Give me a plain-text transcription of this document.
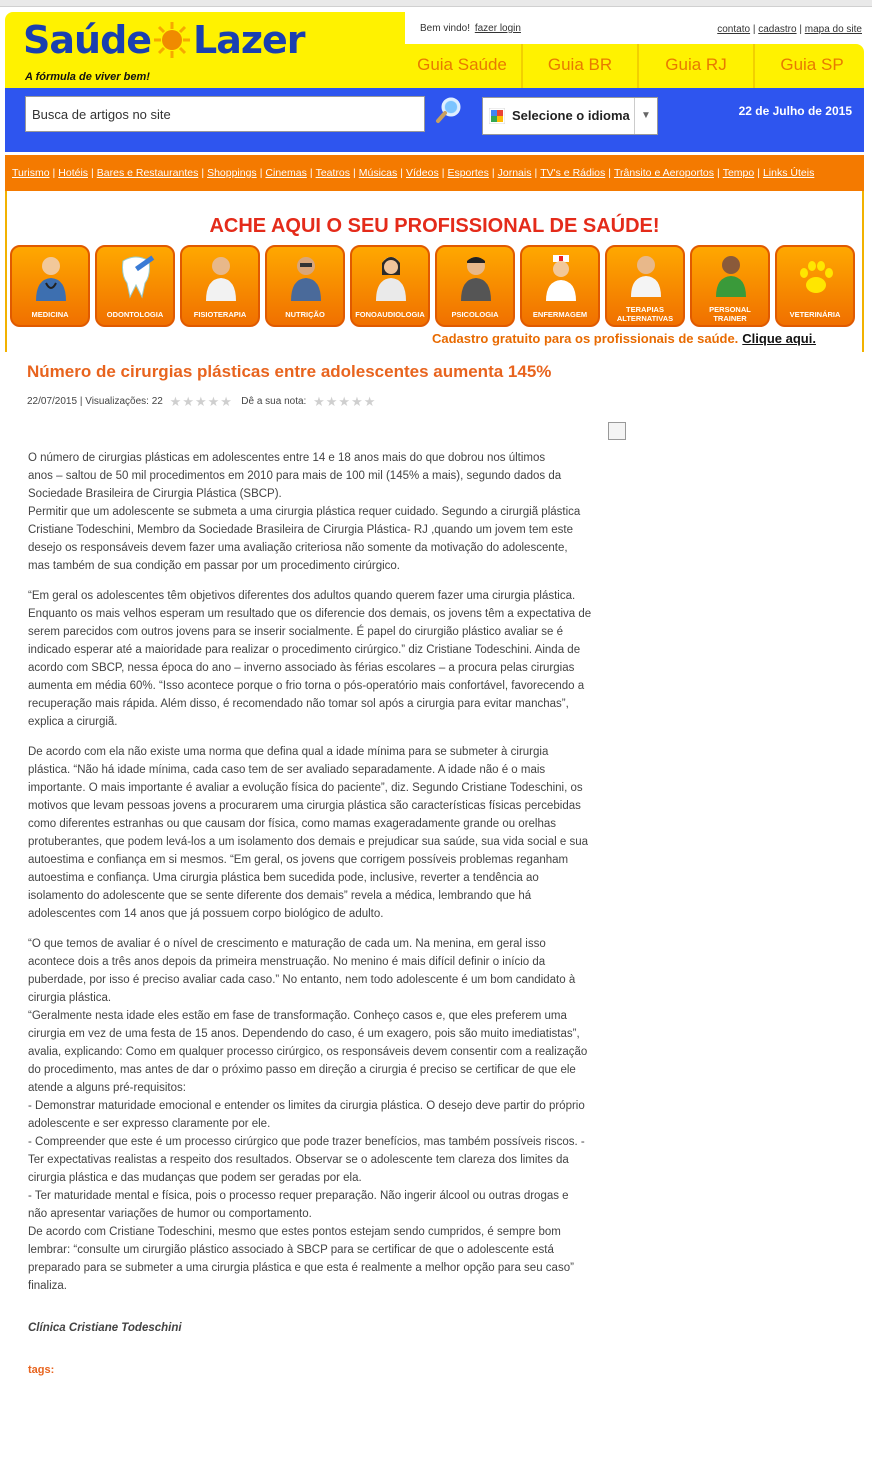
Saúde Lazer
A fórmula de viver bem!
Bem vindo! fazer login	contato | cadastro | mapa do site
Guia Saúde	Guia BR	Guia RJ	Guia SP
Busca de artigos no site
Selecione o idioma	▼	22 de Julho de 2015
Turismo | Hotéis | Bares e Restaurantes | Shoppings | Cinemas | Teatros | Músicas | Vídeos | Esportes | Jornais | TV's e Rádios | Trânsito e Aeroportos | Tempo | Links Úteis
ACHE AQUI O SEU PROFISSIONAL DE SAÚDE!
MEDICINA	ODONTOLOGIA	FISIOTERAPIA	NUTRIÇÃO	FONOAUDIOLOGIA	PSICOLOGIA	ENFERMAGEM
TERAPIAS ALTERNATIVAS
PERSONAL TRAINER	VETERINÁRIA
Cadastro gratuito para os profissionais de saúde. Clique aqui.
Número de cirurgias plásticas entre adolescentes aumenta 145%
22/07/2015 | Visualizações: 22 ★★★★★ Dê a sua nota: ★★★★★

O número de cirurgias plásticas em adolescentes entre 14 e 18 anos mais do que dobrou nos últimos
anos – saltou de 50 mil procedimentos em 2010 para mais de 100 mil (145% a mais), segundo dados da
Sociedade Brasileira de Cirurgia Plástica (SBCP).
Permitir que um adolescente se submeta a uma cirurgia plástica requer cuidado. Segundo a cirurgiã plástica
Cristiane Todeschini, Membro da Sociedade Brasileira de Cirurgia Plástica- RJ ,quando um jovem tem este
desejo os responsáveis devem fazer uma avaliação criteriosa não somente da motivação do adolescente,
mas também de sua condição em passar por um procedimento cirúrgico.

“Em geral os adolescentes têm objetivos diferentes dos adultos quando querem fazer uma cirurgia plástica.
Enquanto os mais velhos esperam um resultado que os diferencie dos demais, os jovens têm a expectativa de
serem parecidos com outros jovens para se inserir socialmente. É papel do cirurgião plástico avaliar se é
indicado esperar até a maioridade para realizar o procedimento cirúrgico.” diz Cristiane Todeschini. Ainda de
acordo com SBCP, nessa época do ano – inverno associado às férias escolares – a procura pelas cirurgias
aumenta em média 60%. “Isso acontece porque o frio torna o pós-operatório mais confortável, favorecendo a
recuperação mais rápida. Além disso, é recomendado não tomar sol após a cirurgia para evitar manchas”,
explica a cirurgiã.

De acordo com ela não existe uma norma que defina qual a idade mínima para se submeter à cirurgia
plástica. “Não há idade mínima, cada caso tem de ser avaliado separadamente. A idade não é o mais
importante. O mais importante é avaliar a evolução física do paciente”, diz. Segundo Cristiane Todeschini, os
motivos que levam pessoas jovens a procurarem uma cirurgia plástica são características físicas percebidas
como diferentes estranhas ou que causam dor física, como mamas exageradamente grande ou orelhas
protuberantes, que podem levá-los a um isolamento dos demais e prejudicar sua saúde, sua vida social e sua
autoestima e confiança em si mesmos. “Em geral, os jovens que corrigem possíveis problemas reganham
autoestima e confiança. Uma cirurgia plástica bem sucedida pode, inclusive, reverter a tendência ao
isolamento do adolescente que se sente diferente dos demais” revela a médica, lembrando que há
adolescentes com 14 anos que já possuem corpo biológico de adulto.

“O que temos de avaliar é o nível de crescimento e maturação de cada um. Na menina, em geral isso
acontece dois a três anos depois da primeira menstruação. No menino é mais difícil definir o início da
puberdade, por isso é preciso avaliar cada caso.” No entanto, nem todo adolescente é um bom candidato à
cirurgia plástica.
“Geralmente nesta idade eles estão em fase de transformação. Conheço casos e, que eles preferem uma
cirurgia em vez de uma festa de 15 anos. Dependendo do caso, é um exagero, pois são muito imediatistas”,
avalia, explicando: Como em qualquer processo cirúrgico, os responsáveis devem consentir com a realização
do procedimento, mas antes de dar o próximo passo em direção a cirurgia é preciso se certificar de que ele
atende a alguns pré-requisitos:
- Demonstrar maturidade emocional e entender os limites da cirurgia plástica. O desejo deve partir do próprio
adolescente e ser expresso claramente por ele.
- Compreender que este é um processo cirúrgico que pode trazer benefícios, mas também possíveis riscos. -
Ter expectativas realistas a respeito dos resultados. Observar se o adolescente tem clareza dos limites da
cirurgia plástica e das mudanças que podem ser geradas por ela.
- Ter maturidade mental e física, pois o processo requer preparação. Não ingerir álcool ou outras drogas e
não apresentar variações de humor ou comportamento.
De acordo com Cristiane Todeschini, mesmo que estes pontos estejam sendo cumpridos, é sempre bom
lembrar: “consulte um cirurgião plástico associado à SBCP para se certificar de que o adolescente está
preparado para se submeter a uma cirurgia plástica e que esta é realmente a melhor opção para seu caso”
finaliza.

Clínica Cristiane Todeschini
tags:
